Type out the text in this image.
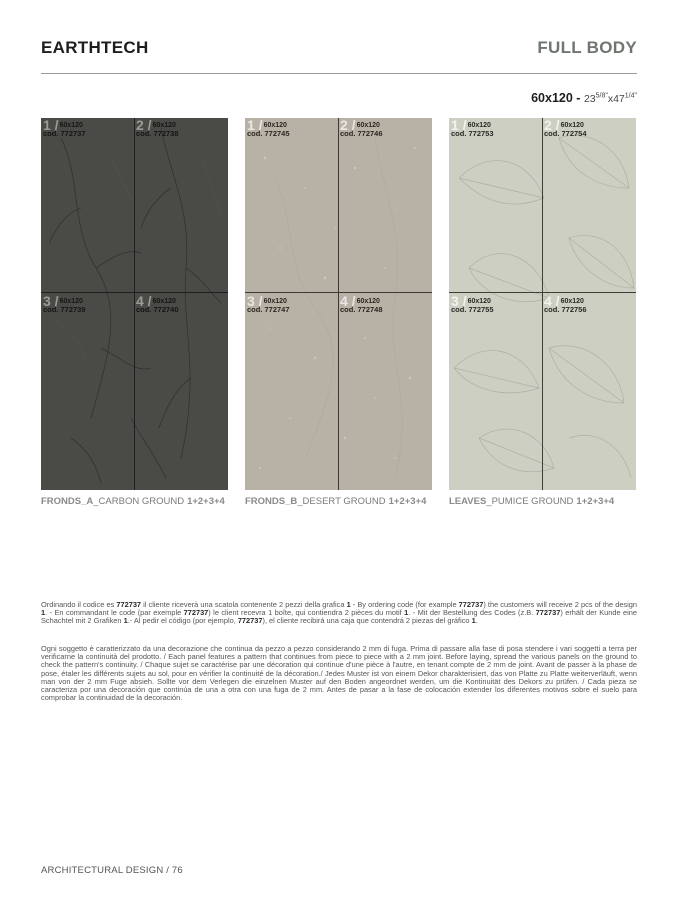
EARTHTECH	FULL BODY
$60x120 - 23^{5/8"}x47^{1/4"}$
1 /60x120
cod. 772737
2 /60x120
cod. 772738
3 /60x120
cod. 772739
4 /60x120
cod. 772740
1 /60x120
cod. 772745
2 /60x120
cod. 772746
3 /60x120
cod. 772747
4 /60x120
cod. 772748
1 /60x120
cod. 772753
2 /60x120
cod. 772754
3 /60x120
cod. 772755
4 /60x120
cod. 772756
FRONDS_A_CARBON GROUND 1+2+3+4 FRONDS_B_DESERT GROUND 1+2+3+4 LEAVES_PUMICE GROUND 1+2+3+4
Ordinando il codice es 772737 il cliente riceverà una scatola contenente 2 pezzi della grafica 1 - By ordering code (for example 772737) the customers will receive 2 pcs of the design 1. - En commandant le code (par exemple 772737) le client recevra 1 boîte, qui contiendra 2 pièces du motif 1. - Mit der Bestellung des Codes (z.B. 772737) erhält der Kunde eine Schachtel mit 2 Grafiken 1.- Al pedir el código (por ejemplo, 772737), el cliente recibirá una caja que contendrá 2 piezas del gráfico 1.
Ogni soggetto è caratterizzato da una decorazione che continua da pezzo a pezzo considerando 2 mm di fuga. Prima di passare alla fase di posa stendere i vari soggetti a terra per verificarne la continuità del prodotto. / Each panel features a pattern that continues from piece to piece with a 2 mm joint. Before laying, spread the various panels on the ground to check the pattern's continuity. / Chaque sujet se caractérise par une décoration qui continue d'une pièce à l'autre, en tenant compte de 2 mm de joint. Avant de passer à la phase de pose, étaler les différents sujets au sol, pour en vérifier la continuité de la décoration./ Jedes Muster ist von einem Dekor charakterisiert, das von Platte zu Platte weiterverläuft, wenn man von der 2 mm Fuge absieh. Sollte vor dem Verlegen die einzelnen Muster auf den Boden angeordnet werden, um die Kontinuität des Dekors zu prüfen. / Cada pieza se caracteriza por una decoración que continúa de una a otra con una fuga de 2 mm. Antes de pasar a la fase de colocación extender los diferentes motivos sobre el suelo para comprobar la continuidad de la decoración.
ARCHITECTURAL DESIGN / 76
